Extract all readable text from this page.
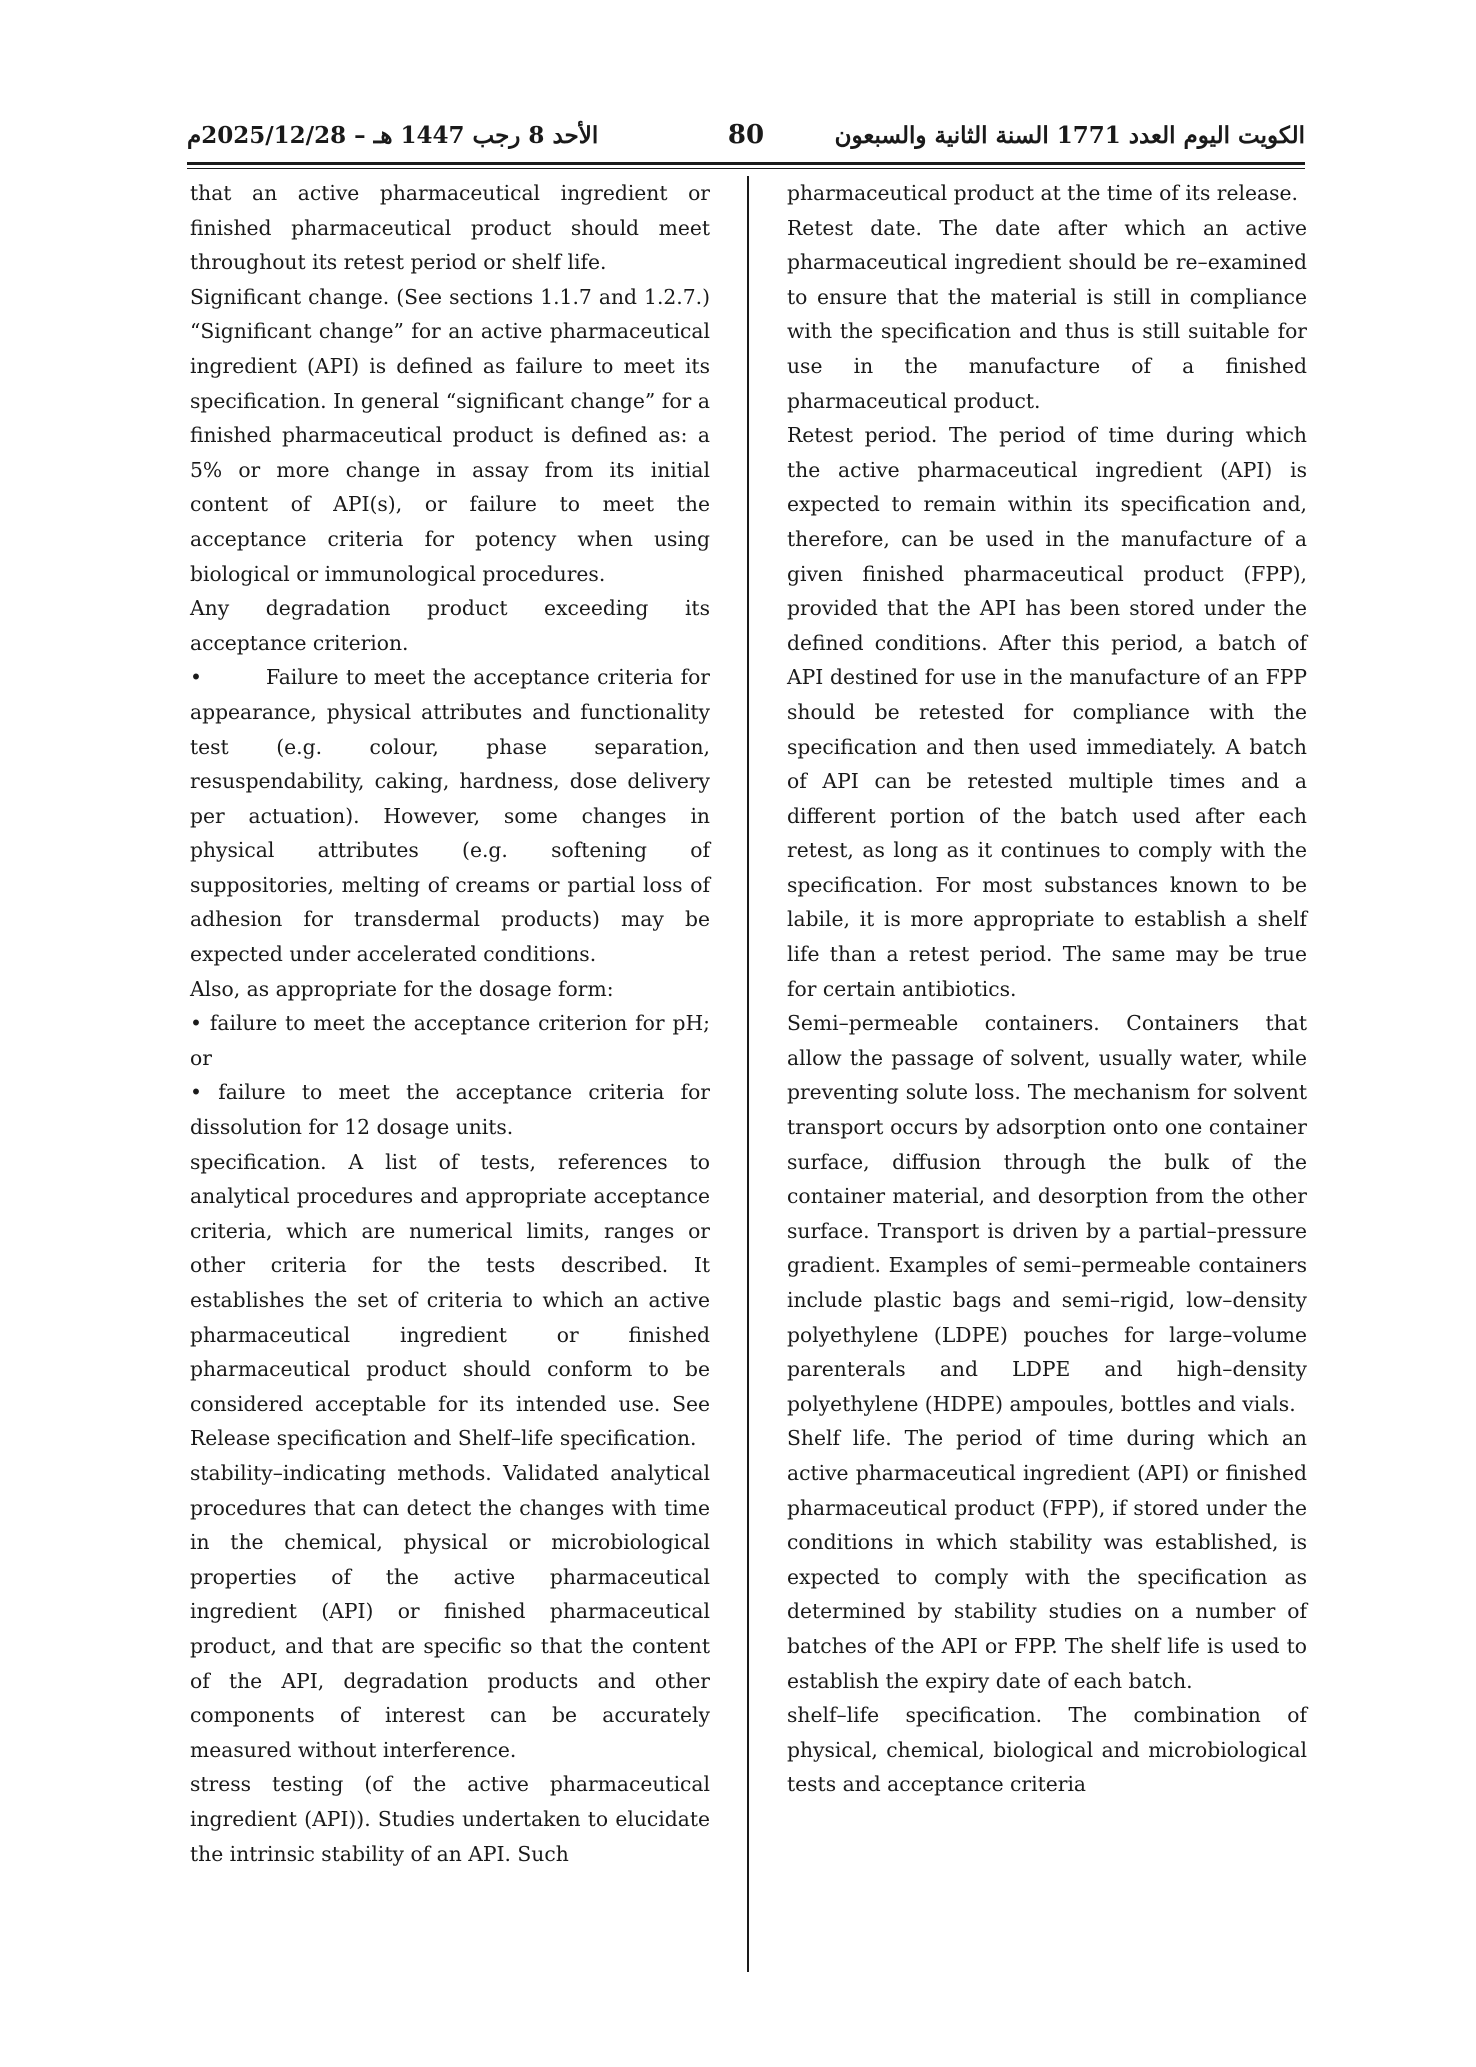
الأحد 8 رجب 1447 هـ – 2025/12/28م	80	الكويت اليوم العدد 1771 السنة الثانية والسبعون

that an active pharmaceutical ingredient or finished pharmaceutical product should meet throughout its retest period or shelf life.

Significant change. (See sections 1.1.7 and 1.2.7.) “Significant change” for an active pharmaceutical ingredient (API) is defined as failure to meet its specification. In general “significant change” for a finished pharmaceutical product is defined as: a 5% or more change in assay from its initial content of API(s), or failure to meet the acceptance criteria for potency when using biological or immunological procedures.

Any degradation product exceeding its acceptance criterion.

•	Failure to meet the acceptance criteria for appearance, physical attributes and functionality test (e.g. colour, phase separation, resuspendability, caking, hardness, dose delivery per actuation). However, some changes in physical attributes (e.g. softening of suppositories, melting of creams or partial loss of adhesion for transdermal products) may be expected under accelerated conditions.

Also, as appropriate for the dosage form:

• failure to meet the acceptance criterion for pH; or

• failure to meet the acceptance criteria for dissolution for 12 dosage units.

specification. A list of tests, references to analytical procedures and appropriate acceptance criteria, which are numerical limits, ranges or other criteria for the tests described. It establishes the set of criteria to which an active pharmaceutical ingredient or finished pharmaceutical product should conform to be considered acceptable for its intended use. See Release specification and Shelf–life specification.

stability–indicating methods. Validated analytical procedures that can detect the changes with time in the chemical, physical or microbiological properties of the active pharmaceutical ingredient (API) or finished pharmaceutical product, and that are specific so that the content of the API, degradation products and other components of interest can be accurately measured without interference.

stress testing (of the active pharmaceutical ingredient (API)). Studies undertaken to elucidate the intrinsic stability of an API. Such

pharmaceutical product at the time of its release.

Retest date. The date after which an active pharmaceutical ingredient should be re–examined to ensure that the material is still in compliance with the specification and thus is still suitable for use in the manufacture of a finished pharmaceutical product.

Retest period. The period of time during which the active pharmaceutical ingredient (API) is expected to remain within its specification and, therefore, can be used in the manufacture of a given finished pharmaceutical product (FPP), provided that the API has been stored under the defined conditions. After this period, a batch of API destined for use in the manufacture of an FPP should be retested for compliance with the specification and then used immediately. A batch of API can be retested multiple times and a different portion of the batch used after each retest, as long as it continues to comply with the specification. For most substances known to be labile, it is more appropriate to establish a shelf life than a retest period. The same may be true for certain antibiotics.

Semi–permeable containers. Containers that allow the passage of solvent, usually water, while preventing solute loss. The mechanism for solvent transport occurs by adsorption onto one container surface, diffusion through the bulk of the container material, and desorption from the other surface. Transport is driven by a partial–pressure gradient. Examples of semi–permeable containers include plastic bags and semi–rigid, low–density polyethylene (LDPE) pouches for large–volume parenterals and LDPE and high–density polyethylene (HDPE) ampoules, bottles and vials.

Shelf life. The period of time during which an active pharmaceutical ingredient (API) or finished pharmaceutical product (FPP), if stored under the conditions in which stability was established, is expected to comply with the specification as determined by stability studies on a number of batches of the API or FPP. The shelf life is used to establish the expiry date of each batch.

shelf–life specification. The combination of physical, chemical, biological and microbiological tests and acceptance criteria
